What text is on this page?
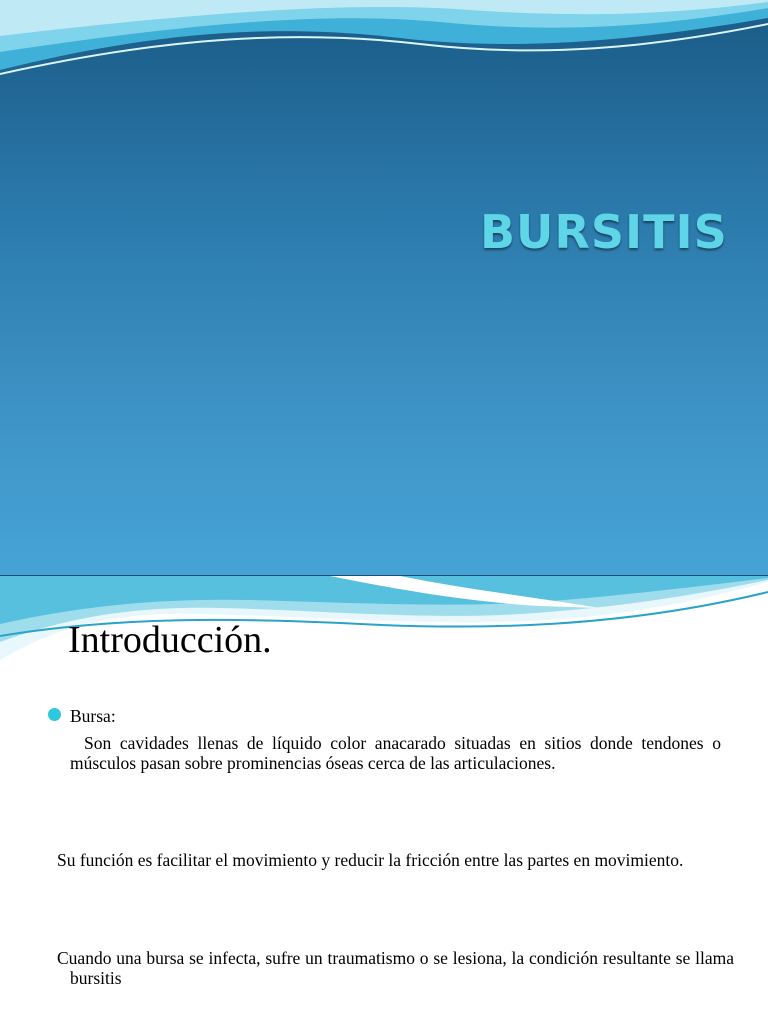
BURSITIS
Introducción.
Bursa:
Son cavidades llenas de líquido color anacarado situadas en sitios donde tendones o músculos pasan sobre prominencias óseas cerca de las articulaciones.
Su función es facilitar el movimiento y reducir la fricción entre las partes en movimiento.
Cuando una bursa se infecta, sufre un traumatismo o se lesiona, la condición resultante se llama bursitis
